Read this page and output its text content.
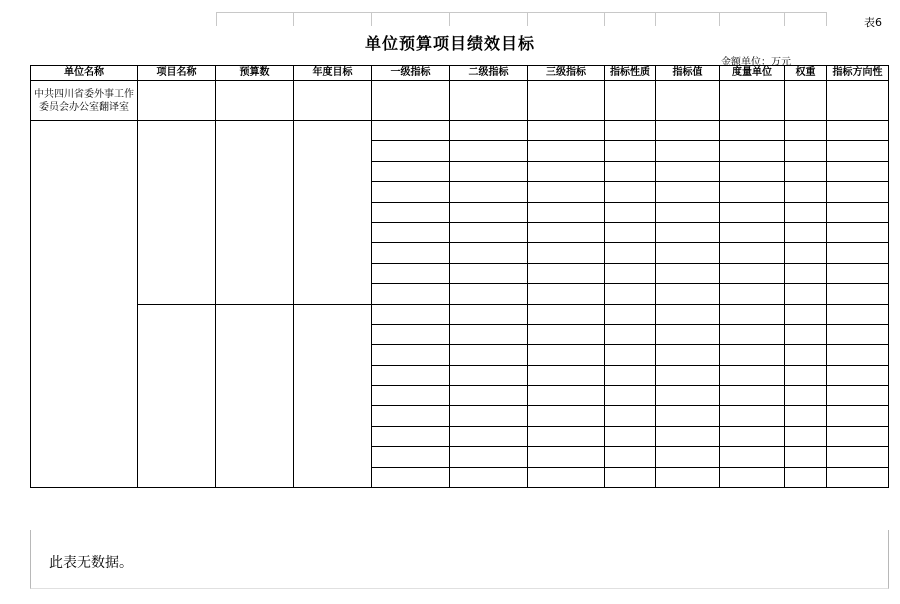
表6
单位预算项目绩效目标
金额单位：万元
单位名称	项目名称	预算数	年度目标	一级指标	二级指标	三级指标	指标性质	指标值	度量单位	权重	指标方向性
中共四川省委外事工作委员会办公室翻译室											

此表无数据。
